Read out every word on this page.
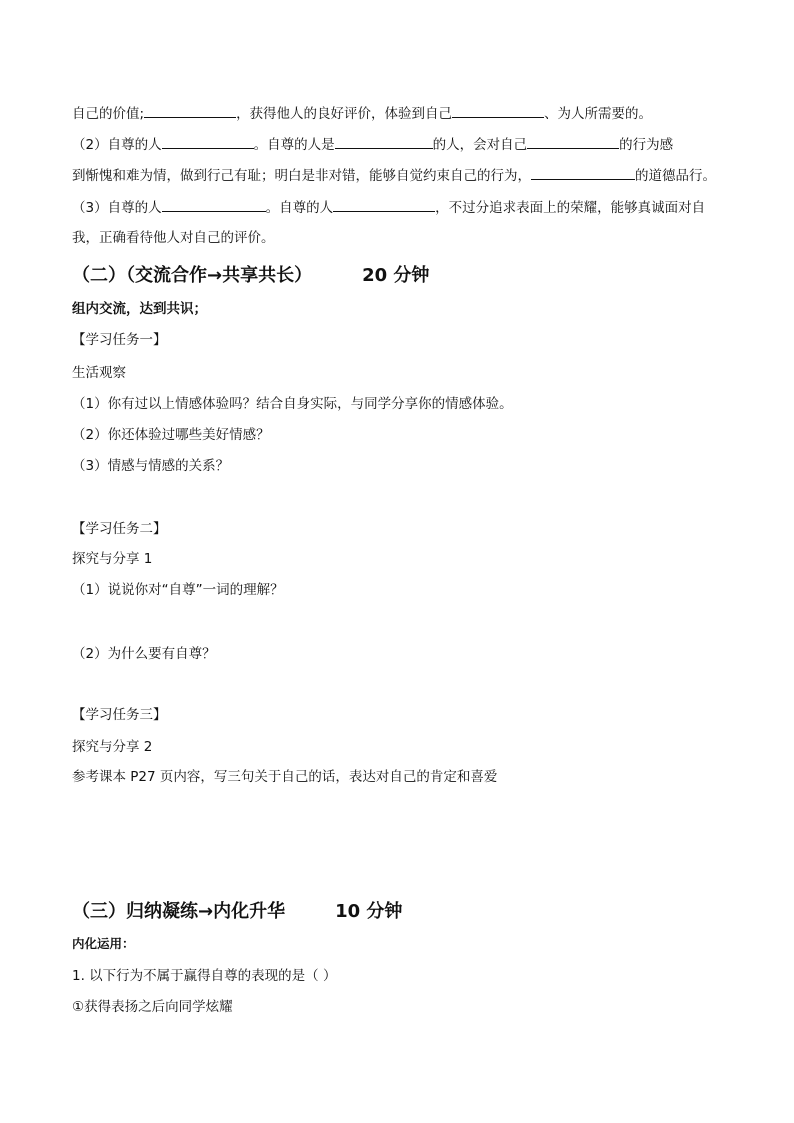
自己的价值;	，获得他人的良好评价，体验到自己	、为人所需要的。
（2）自尊的人	。自尊的人是	的人，会对自己	的行为感
到惭愧和难为情，做到行己有耻；明白是非对错，能够自觉约束自己的行为，	的道德品行。
（3）自尊的人	。自尊的人	，不过分追求表面上的荣耀，能够真诚面对自
我，正确看待他人对自己的评价。
（二）（交流合作→共享共长）	20 分钟
组内交流，达到共识；
【学习任务一】
生活观察
（1）你有过以上情感体验吗？结合自身实际，与同学分享你的情感体验。
（2）你还体验过哪些美好情感？
（3）情感与情感的关系？
【学习任务二】
探究与分享 1
（1）说说你对“自尊”一词的理解？
（2）为什么要有自尊？
【学习任务三】
探究与分享 2
参考课本 P27 页内容，写三句关于自己的话，表达对自己的肯定和喜爱
（三）归纳凝练→内化升华	10 分钟
内化运用：
1. 以下行为不属于赢得自尊的表现的是（ ）
①获得表扬之后向同学炫耀
